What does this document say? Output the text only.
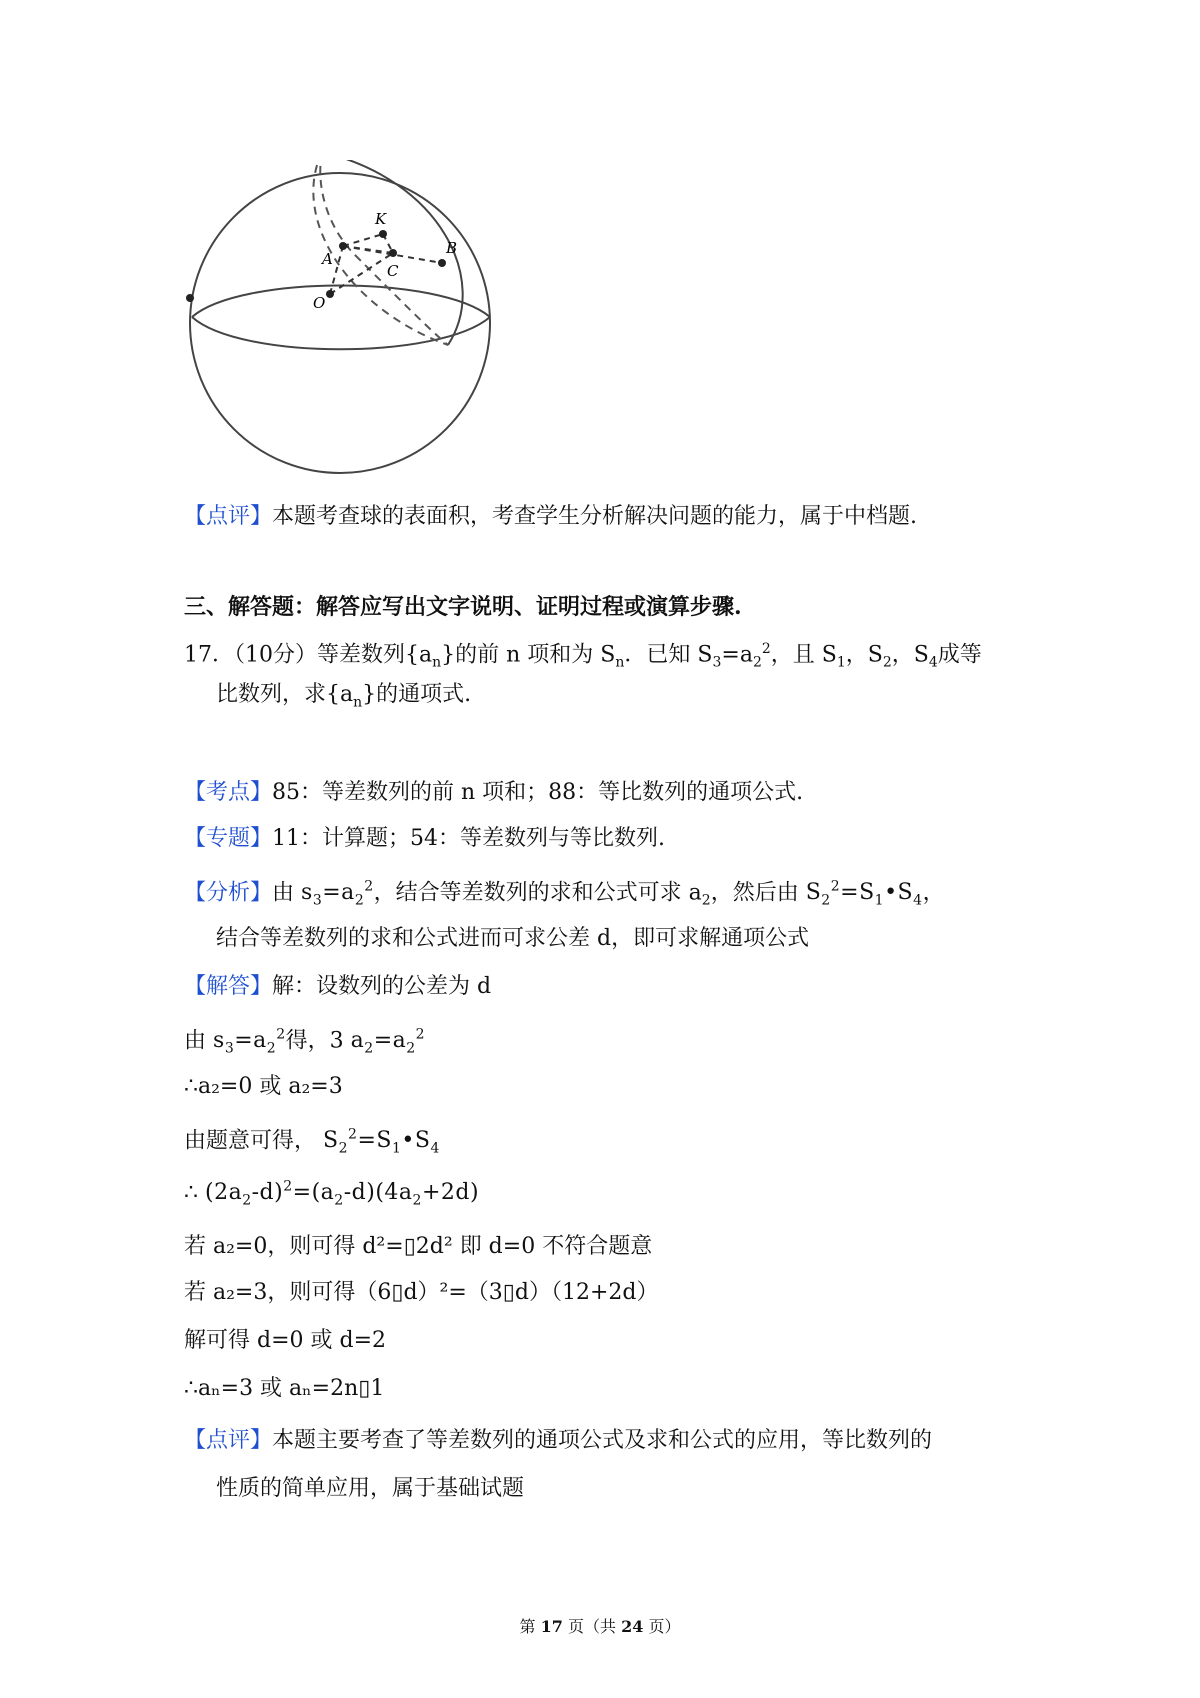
K
A
C
B
O
【点评】本题考查球的表面积，考查学生分析解决问题的能力，属于中档题.
三、解答题：解答应写出文字说明、证明过程或演算步骤.
17．（10分）等差数列$\{a_n\}$的前 n 项和为 $S_n$．已知 $S_3=a_2^2$，且 $S_1$，$S_2$，$S_4$成等
比数列，求$\{a_n\}$的通项式.
【考点】85：等差数列的前 n 项和；88：等比数列的通项公式.
【专题】11：计算题；54：等差数列与等比数列.
【分析】由 $s_3=a_2^2$，结合等差数列的求和公式可求 $a_2$，然后由 $S_2^2=S_1•S_4$，
结合等差数列的求和公式进而可求公差 d，即可求解通项公式
【解答】解：设数列的公差为 d
由 $s_3=a_2^2$得，3 $a_2=a_2^2$
∴a₂=0 或 a₂=3
由题意可得， $S_2^2=S_1•S_4$
∴ $(2a_2-d)^2=(a_2-d)(4a_2+2d)$
若 a₂=0，则可得 d²=▯2d² 即 d=0 不符合题意
若 a₂=3，则可得（6▯d）²=（3▯d）（12+2d）
解可得 d=0 或 d=2
∴aₙ=3 或 aₙ=2n▯1
【点评】本题主要考查了等差数列的通项公式及求和公式的应用，等比数列的
性质的简单应用，属于基础试题
第 17 页（共 24 页）
